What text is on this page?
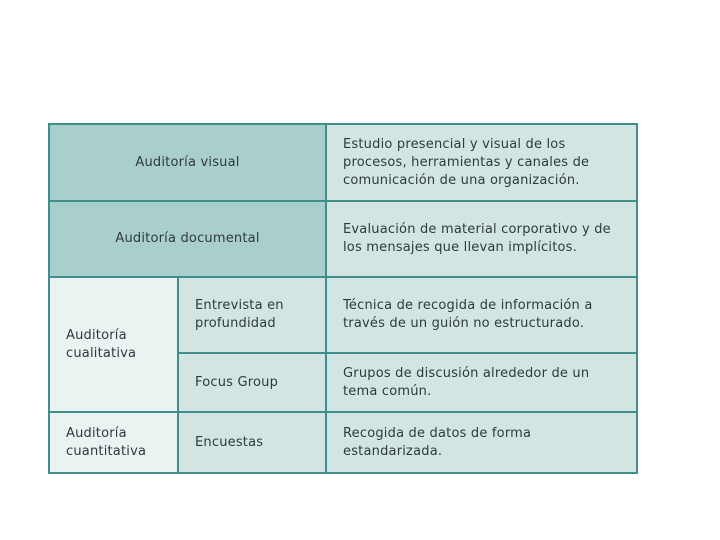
Auditoría visual
Estudio presencial y visual de los procesos, herramientas y canales de comunicación de una organización.
Auditoría documental
Evaluación de material corporativo y de los mensajes que llevan implícitos.
Auditoría cualitativa
Entrevista en profundidad
Técnica de recogida de información a través de un guión no estructurado.
Focus Group
Grupos de discusión alrededor de un tema común.
Auditoría cuantitativa
Encuestas
Recogida de datos de forma estandarizada.
